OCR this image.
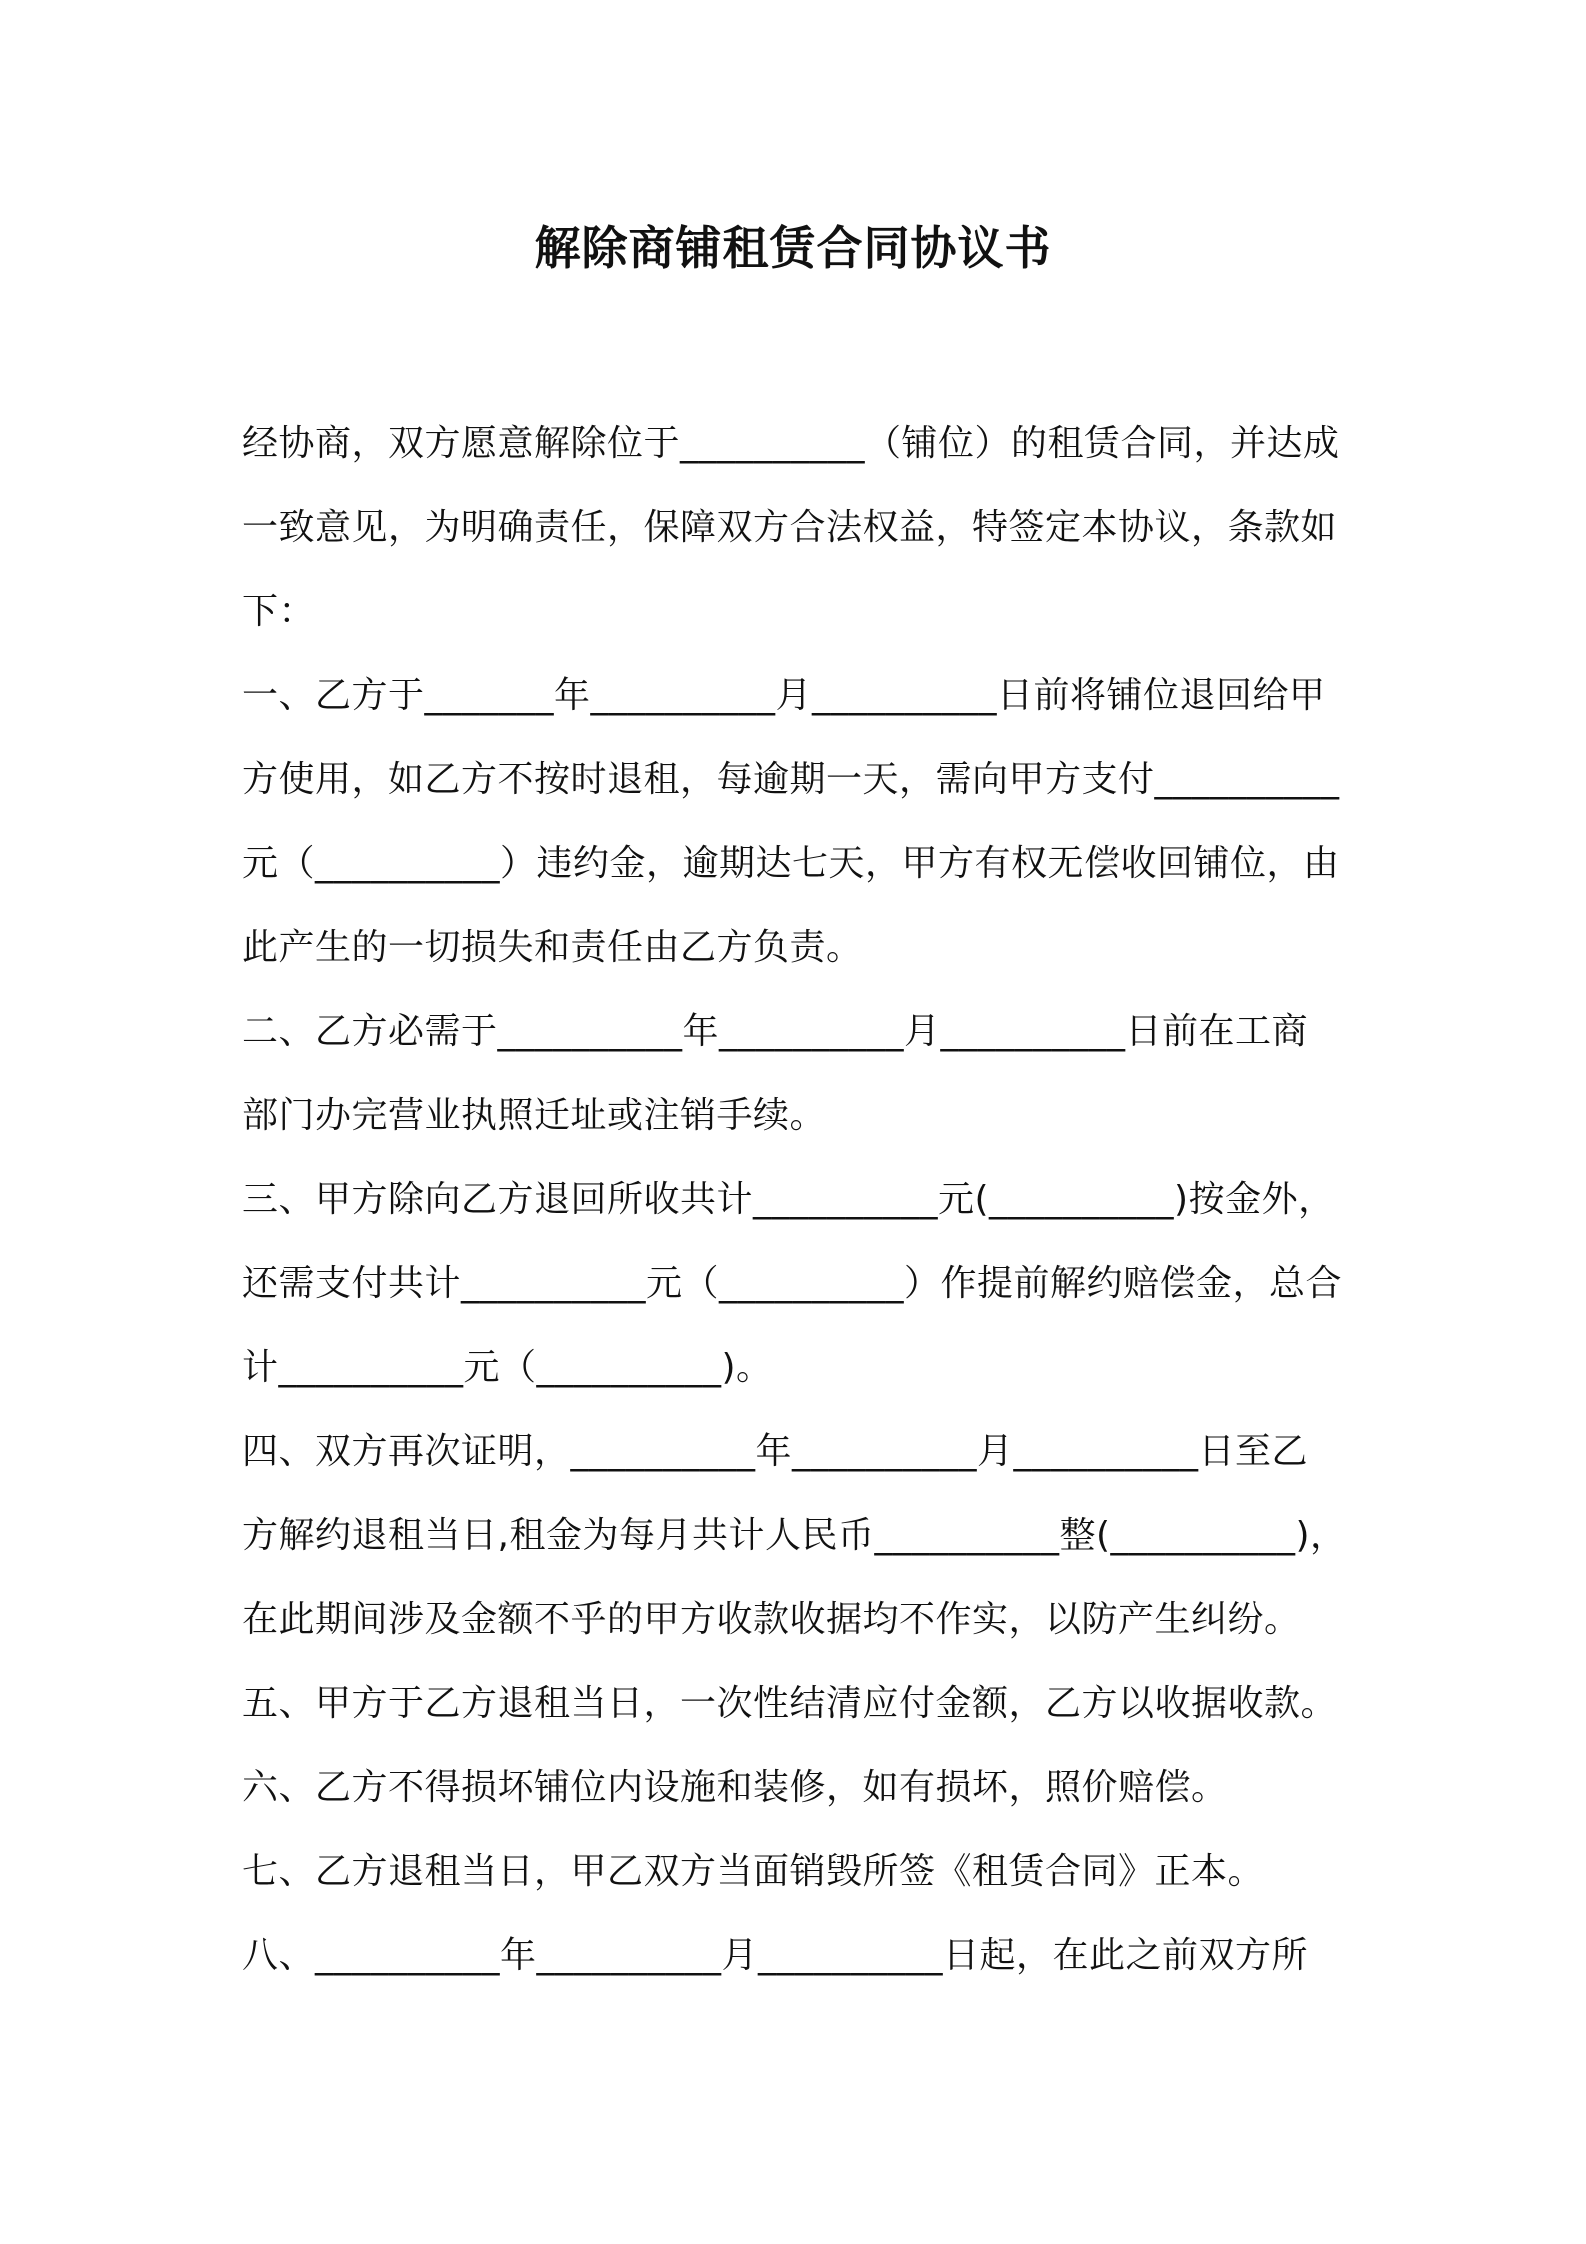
解除商铺租赁合同协议书
经协商，双方愿意解除位于__________（铺位）的租赁合同，并达成
一致意见，为明确责任，保障双方合法权益，特签定本协议，条款如
下：
一、乙方于_______年__________月__________日前将铺位退回给甲
方使用，如乙方不按时退租，每逾期一天，需向甲方支付__________
元（__________）违约金，逾期达七天，甲方有权无偿收回铺位，由
此产生的一切损失和责任由乙方负责。
二、乙方必需于__________年__________月__________日前在工商
部门办完营业执照迁址或注销手续。
三、甲方除向乙方退回所收共计__________元(__________)按金外，
还需支付共计__________元（__________）作提前解约赔偿金，总合
计__________元（__________)。
四、双方再次证明，__________年__________月__________日至乙
方解约退租当日,租金为每月共计人民币__________整(__________)，
在此期间涉及金额不乎的甲方收款收据均不作实，以防产生纠纷。
五、甲方于乙方退租当日，一次性结清应付金额，乙方以收据收款。
六、乙方不得损坏铺位内设施和装修，如有损坏，照价赔偿。
七、乙方退租当日，甲乙双方当面销毁所签《租赁合同》正本。
八、__________年__________月__________日起，在此之前双方所
